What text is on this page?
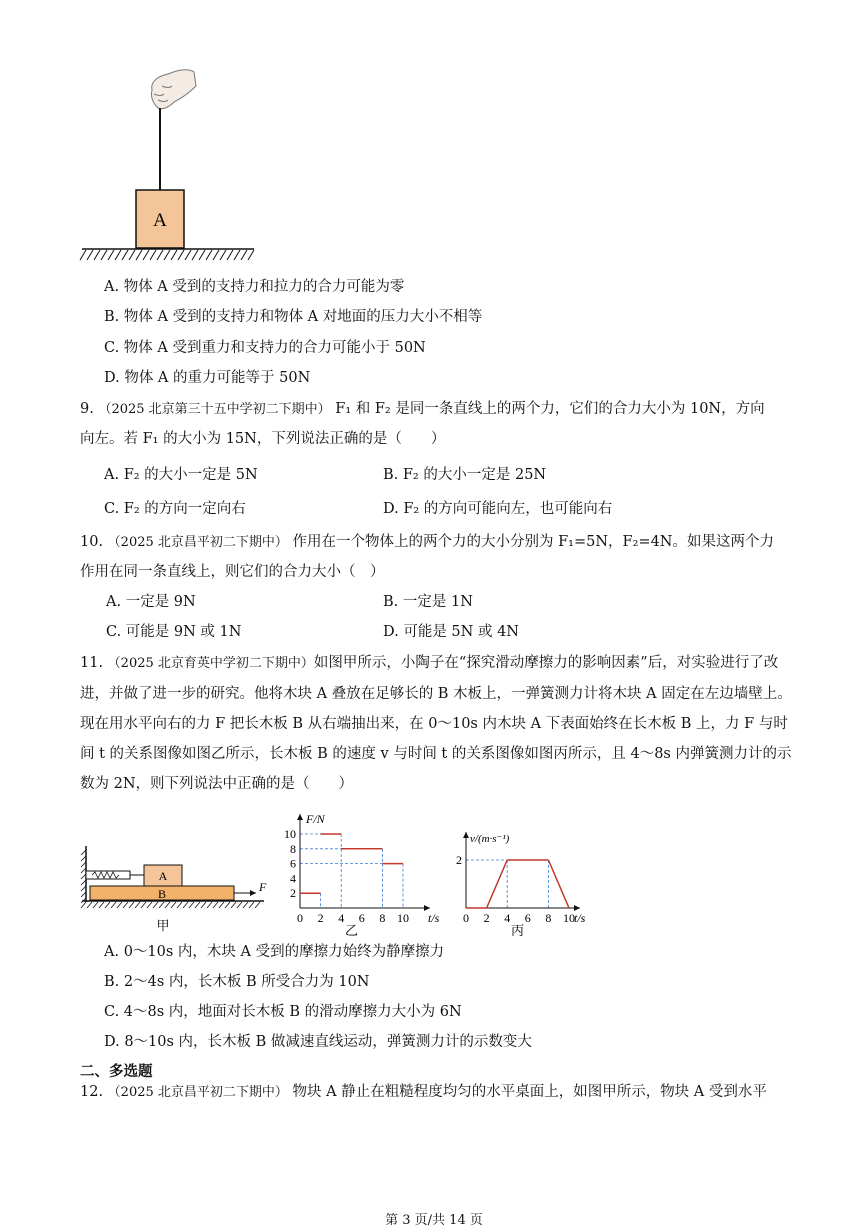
A
A. 物体 A 受到的支持力和拉力的合力可能为零
B. 物体 A 受到的支持力和物体 A 对地面的压力大小不相等
C. 物体 A 受到重力和支持力的合力可能小于 50N
D. 物体 A 的重力可能等于 50N
9. （2025 北京第三十五中学初二下期中） F₁ 和 F₂ 是同一条直线上的两个力，它们的合力大小为 10N，方向
向左。若 F₁ 的大小为 15N，下列说法正确的是（　　）
A. F₂ 的大小一定是 5N	B. F₂ 的大小一定是 25N
C. F₂ 的方向一定向右	D. F₂ 的方向可能向左，也可能向右
10. （2025 北京昌平初二下期中） 作用在一个物体上的两个力的大小分别为 F₁=5N，F₂=4N。如果这两个力
作用在同一条直线上，则它们的合力大小（　）
A. 一定是 9N	B. 一定是 1N
C. 可能是 9N 或 1N	D. 可能是 5N 或 4N
11. （2025 北京育英中学初二下期中）如图甲所示，小陶子在“探究滑动摩擦力的影响因素”后，对实验进行了改进，并做了进一步的研究。他将木块 A 叠放在足够长的 B 木板上，一弹簧测力计将木块 A 固定在左边墙壁上。现在用水平向右的力 F 把长木板 B 从右端抽出来，在 0～10s 内木块 A 下表面始终在长木板 B 上，力 F 与时间 t 的关系图像如图乙所示，长木板 B 的速度 v 与时间 t 的关系图像如图丙所示，且 4～8s 内弹簧测力计的示数为 2N，则下列说法中正确的是（　　）
A
B	F
甲	0 2 4 6 8 10
2
4
6
8
10
F/N
t/s
乙
0 2 4 6 8 10
2
v/(m·s⁻¹)
t/s
丙
A. 0～10s 内，木块 A 受到的摩擦力始终为静摩擦力
B. 2～4s 内，长木板 B 所受合力为 10N
C. 4～8s 内，地面对长木板 B 的滑动摩擦力大小为 6N
D. 8～10s 内，长木板 B 做减速直线运动，弹簧测力计的示数变大
二、多选题
12. （2025 北京昌平初二下期中） 物块 A 静止在粗糙程度均匀的水平桌面上，如图甲所示，物块 A 受到水平
第 3 页/共 14 页
